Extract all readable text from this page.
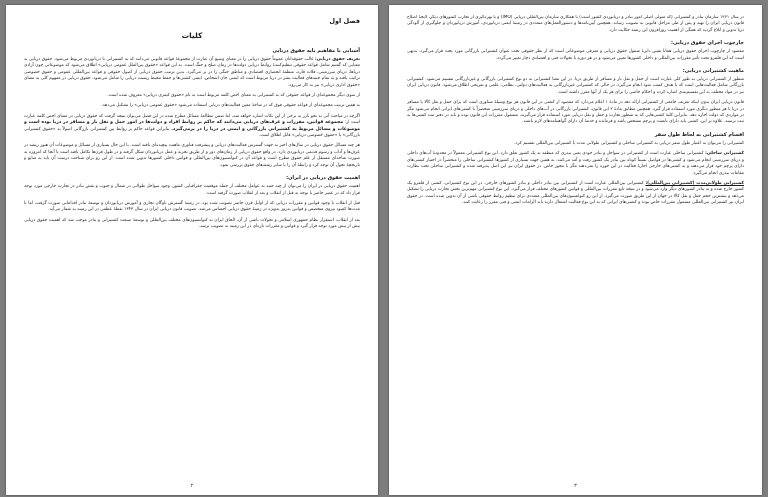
فصل اول
کلیات
آشنایی با مفاهیم پایه حقوق دریایی

تعریف حقوق دریایی: غالب حقوقدانان عموماً حقوق دریایی را در معنای وسیع آن عبارت از مجموعهٔ قواعد قانونی می‌دانند که به کشتیرانی یا دریانوردی مربوط می‌شود. حقوق دریایی به معنایی که گفتیم شامل قواعد حقوقی تنظیم‌کنندهٔ روابط دریایی دولت‌ها در زمان صلح و جنگ است. به این قواعد «حقوق بین‌الملل عمومی دریایی» اطلاق می‌شود که موضوعاتی چون آزادی دریاها، دریای سرزمینی، فلات قاره، منطقهٔ انحصاری اقتصادی و مناطق جنگی را در بر می‌گیرد. بدین ترتیب حقوق دریایی از اصول حقوقی و قواعد بین‌المللی عمومی و حقوق خصوصی ترکیب یافته و به تمام جنبه‌های فعالیت بشر در دریا مربوط است که ایمنی جان اشخاص، ایمنی کشتی‌ها و حفظ محیط زیست دریایی را شامل می‌شود. حقوق دریایی در مفهوم کلی به معنای «حقوق اداری دریایی» نیز به کار می‌رود.

از سوی دیگر مجموعه‌ای از قواعد حقوقی که به کشتیرانی به معنای اخص کلمه مربوط است به نام «حقوق کیفری دریایی» معروف شده است.

به همین ترتیب مجموعه‌ای از قواعد حقوقی فوق که در شاخهٔ معین فعالیت‌های دریایی استفاده می‌شود «حقوق عمومی دریایی» را تشکیل می‌دهد.

اگرچه در مباحث آتی به نحو بارز به برخی از این نکات اشاره خواهد شد، اما ضمن مطالعهٔ مسائل مطرح شده در این فصل می‌توان نتیجه گرفت که حقوق دریایی در معنای اخص کلمه عبارت است از: مجموعه قوانین، مقررات و عرف‌های دریایی می‌دانند که حاکم بر روابط افراد و دولت‌ها در امور حمل و نقل بار و مسافر در دریا بوده است و موضوعات و مسائل مربوط به کشتیرانی بازرگانی و ایمنی در دریا را در برمی‌گیرد. بنابراین قواعد حاکم بر روابط بین کشتیرانی بازرگانی اصولاً به «حقوق کشتیرانی بازرگانی» یا «حقوق خصوصی دریایی» قابل اطلاق است.

هر چند مسائل حقوق دریایی در سال‌های اخیر به جهت گسترش فعالیت‌های دریایی و پیشرفت فناوری ماهیت پیچیده‌ای یافته است، با این حال بسیاری از مسائل و موضوعات آن هنوز ریشه در عرف‌ها و آداب و رسوم قدیمی دریانوردی دارد. در واقع حقوق دریایی از زمان‌های دور و از طریق تجربه و عمل دریانوردان شکل گرفته و در طول قرن‌ها تکامل یافته است تا آنجا که امروزه به صورت شاخه‌ای مستقل از علم حقوق مطرح است و قواعد آن در کنوانسیون‌های بین‌المللی و قوانین داخلی کشورها تدوین شده است. از این رو برای شناخت درست آن باید به منابع و تاریخچهٔ تحول آن توجه کرد و رابطهٔ آن را با سایر رشته‌های حقوق بررسی نمود.

اهمیت حقوق دریایی در ایران:

اهمیت حقوق دریایی در ایران را می‌توان از چند جنبه به عوامل مختلف از جمله موقعیت جغرافیایی کشور، وجود سواحل طولانی در شمال و جنوب و نقش بنادر در تجارت خارجی مورد توجه قرار داد که در عصر حاضر با توجه به قبل از انقلاب و بعد از انقلاب صورت گرفته است.

قبل از انقلاب با وجود قوانین و مقررات دریایی که از اوایل قرن حاضر تصویب شده بود، در زمینهٔ گسترش ناوگان تجاری و آموزش دریانوردان و توسعهٔ بنادر اقداماتی صورت گرفت، اما تا مدت‌ها کمبود نیروی متخصص و قوانین به‌روز به‌ویژه در زمینهٔ حقوق دریایی احساس می‌شد. تصویب قانون دریایی ایران در سال ۱۳۴۳ نقطهٔ عطفی در این زمینه به شمار می‌آید.

بعد از انقلاب، استقرار نظام جمهوری اسلامی و تحولات ناشی از آن، الحاق ایران به کنوانسیون‌های مختلف بین‌المللی و توسعهٔ صنعت کشتیرانی و بنادر موجب شد که اهمیت حقوق دریایی بیش از پیش مورد توجه قرار گیرد و قوانین و مقررات تازه‌ای در این زمینه به تصویب برسد.

۲

در سال ۱۳۶۱ سازمان بنادر و کشتیرانی (که متولی اصلی امور بنادر و دریانوردی کشور است) با همکاری سازمان بین‌المللی دریایی (IMO) و با بهره‌گیری از تجارب کشورهای دیگر، لایحهٔ اصلاح قانون دریایی ایران را تهیه و پس از طی مراحل قانونی به تصویب رساند. همچنین آیین‌نامه‌ها و دستورالعمل‌های متعددی در زمینهٔ ایمنی دریانوردی، آموزش دریانوردان و جلوگیری از آلودگی دریا تدوین و ابلاغ گردید که همگی از اهمیت روزافزون این رشته حکایت دارد.

چارچوب اجرای حقوق دریایی:

مقصود از چارچوب اجرای حقوق دریایی همانا تعیین دایرهٔ شمول حقوق دریایی و معرفی موضوعاتی است که از نظر حقوقی تحت عنوان کشتیرانی بازرگانی مورد بحث قرار می‌گیرد. بدیهی است که این قلمرو تحت تأثیر مقررات بین‌المللی و داخلی کشورها تعیین می‌شود و در هر دوره با تحولات فنی و اقتصادی دچار تغییر می‌گردد.

ماهیت کشتیرانی دریایی:

منظور از کشتیرانی دریایی به طور کلی عبارت است از حمل و نقل بار و مسافر از طریق دریا. در این معنا کشتیرانی به دو نوع کشتیرانی بازرگانی و غیربازرگانی تقسیم می‌شود. کشتیرانی بازرگانی شامل فعالیت‌هایی است که با هدف کسب سود انجام می‌گیرد، در حالی که کشتیرانی غیربازرگانی به فعالیت‌های دولتی، نظامی، علمی و تفریحی اطلاق می‌شود. قانون دریایی ایران نیز در مواد مختلف به این تقسیم‌بندی اشاره کرده و احکام خاصی را برای هر یک از آنها مقرر داشته است.

قانون دریایی ایران بدون اینکه تعریف جامعی از کشتیرانی ارائه دهد در مادهٔ ۱ اعلام می‌دارد که مقصود از کشتی در این قانون هر نوع وسیلهٔ شناوری است که برای حمل و نقل کالا یا مسافر در دریا یا هر منظور دیگری مورد استفاده قرار گیرد. همچنین مطابق مادهٔ ۲ این قانون، کشتیرانی بازرگانی در آب‌های داخلی و دریای سرزمینی منحصراً با کشتی‌های ایرانی انجام می‌شود مگر در مواردی که دولت اجازه دهد. بنابراین کلیهٔ کشتی‌هایی که به منظور تجارت و حمل و نقل دریایی مورد استفاده قرار می‌گیرند، مشمول مقررات این قانون بوده و باید در دفتر ثبت کشتی‌ها به ثبت برسند. علاوه بر این، کشتی باید دارای تابعیت و پرچم مشخص باشد و فرمانده و خدمهٔ آن دارای گواهینامه‌های لازم باشند.

اقسام کشتیرانی به لحاظ طول سفر

کشتیرانی را می‌توان به اعتبار طول سفر دریایی به کشتیرانی ساحلی و کشتیرانی طولانی مدت یا کشتیرانی بین‌المللی تقسیم کرد.

کشتیرانی ساحلی: کشتیرانی ساحلی عبارت است از کشتیرانی در سواحل و بنادر خودی یعنی بندری که منطقه به یک کشور تعلق دارد. این نوع کشتیرانی معمولاً در محدودهٔ آب‌های داخلی و دریای سرزمینی انجام می‌شود و کشتی‌ها در فواصل نسبتاً کوتاه بین بنادر یک کشور رفت و آمد می‌کنند. به همین جهت بسیاری از کشورها کشتیرانی ساحلی را منحصراً در اختیار کشتی‌های دارای پرچم خود قرار می‌دهند و به کشتی‌های خارجی اجازهٔ فعالیت در این حوزه را نمی‌دهند مگر با مجوز خاص. در حقوق ایران نیز این اصل پذیرفته شده و کشتیرانی ساحلی تحت نظارت مقامات بندری انجام می‌گیرد.

کشتیرانی طولانی‌مدت (کشتیرانی بین‌المللی): کشتیرانی بین‌المللی عبارت است از کشتیرانی بین بنادر داخلی و بنادر کشورهای خارجی. در این نوع کشتیرانی، کشتی از قلمرو یک کشور خارج شده و به بنادر کشورهای دیگر وارد می‌شود و در نتیجه تابع مقررات بین‌المللی و قوانین کشورهای مختلف قرار می‌گیرد. این نوع کشتیرانی مهم‌ترین بخش تجارت دریایی را تشکیل می‌دهد و بیشترین حجم حمل و نقل کالا در جهان از این طریق صورت می‌گیرد. از این رو کنوانسیون‌های بین‌المللی متعددی برای تنظیم روابط حقوقی ناشی از آن تدوین شده است. در حقوق ایران نیز کشتیرانی بین‌المللی مشمول مقررات خاص بوده و کشتی‌های ایرانی که به این نوع فعالیت اشتغال دارند باید الزامات ایمنی و فنی مقرر را رعایت کنند.

۳
